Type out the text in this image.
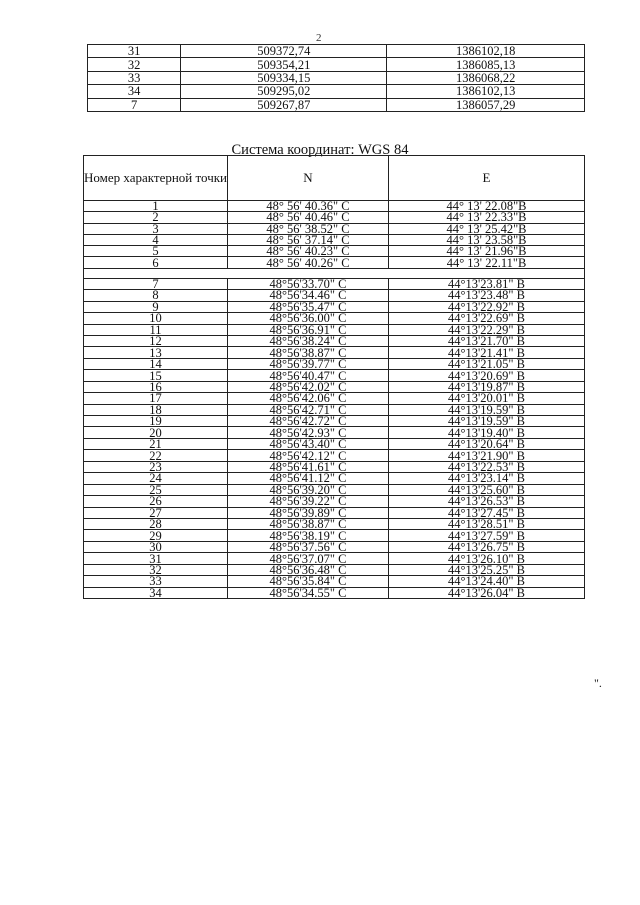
2
31	509372,74	1386102,18
32	509354,21	1386085,13
33	509334,15	1386068,22
34	509295,02	1386102,13
7	509267,87	1386057,29
Система координат: WGS 84
Номер характерной точки	N	E
1	48° 56' 40.36" С	44° 13' 22.08"В
2	48° 56' 40.46" С	44° 13' 22.33"В
3	48° 56' 38.52" С	44° 13' 25.42"В
4	48° 56' 37.14" С	44° 13' 23.58"В
5	48° 56' 40.23" С	44° 13' 21.96"В
6	48° 56' 40.26" С	44° 13' 22.11"В

7	48°56'33.70" С	44°13'23.81" В
8	48°56'34.46" С	44°13'23.48" В
9	48°56'35.47" С	44°13'22.92" В
10	48°56'36.00" С	44°13'22.69" В
11	48°56'36.91" С	44°13'22.29" В
12	48°56'38.24" С	44°13'21.70" В
13	48°56'38.87" С	44°13'21.41" В
14	48°56'39.77" С	44°13'21.05" В
15	48°56'40.47" С	44°13'20.69" В
16	48°56'42.02" С	44°13'19.87" В
17	48°56'42.06" С	44°13'20.01" В
18	48°56'42.71" С	44°13'19.59" В
19	48°56'42.72" С	44°13'19.59" В
20	48°56'42.93" С	44°13'19.40" В
21	48°56'43.40" С	44°13'20.64" В
22	48°56'42.12" С	44°13'21.90" В
23	48°56'41.61" С	44°13'22.53" В
24	48°56'41.12" С	44°13'23.14" В
25	48°56'39.20" С	44°13'25.60" В
26	48°56'39.22" С	44°13'26.53" В
27	48°56'39.89" С	44°13'27.45" В
28	48°56'38.87" С	44°13'28.51" В
29	48°56'38.19" С	44°13'27.59" В
30	48°56'37.56" С	44°13'26.75" В
31	48°56'37.07" С	44°13'26.10" В
32	48°56'36.48" С	44°13'25.25" В
33	48°56'35.84" С	44°13'24.40" В
34	48°56'34.55" С	44°13'26.04" В
".
